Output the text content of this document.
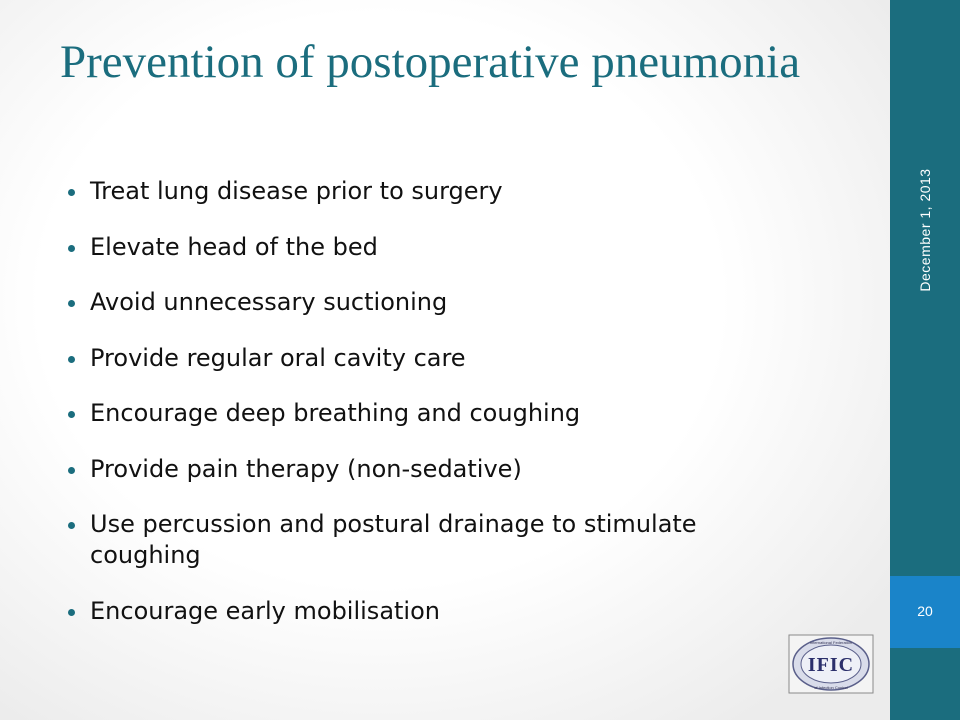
Prevention of postoperative pneumonia
Treat lung disease prior to surgery
Elevate head of the bed
Avoid unnecessary suctioning
Provide regular oral cavity care
Encourage deep breathing and coughing
Provide pain therapy (non-sedative)
Use percussion and postural drainage to stimulate coughing
Encourage early mobilisation
December 1, 2013
20
International Federation
of Infection Control
IFIC
